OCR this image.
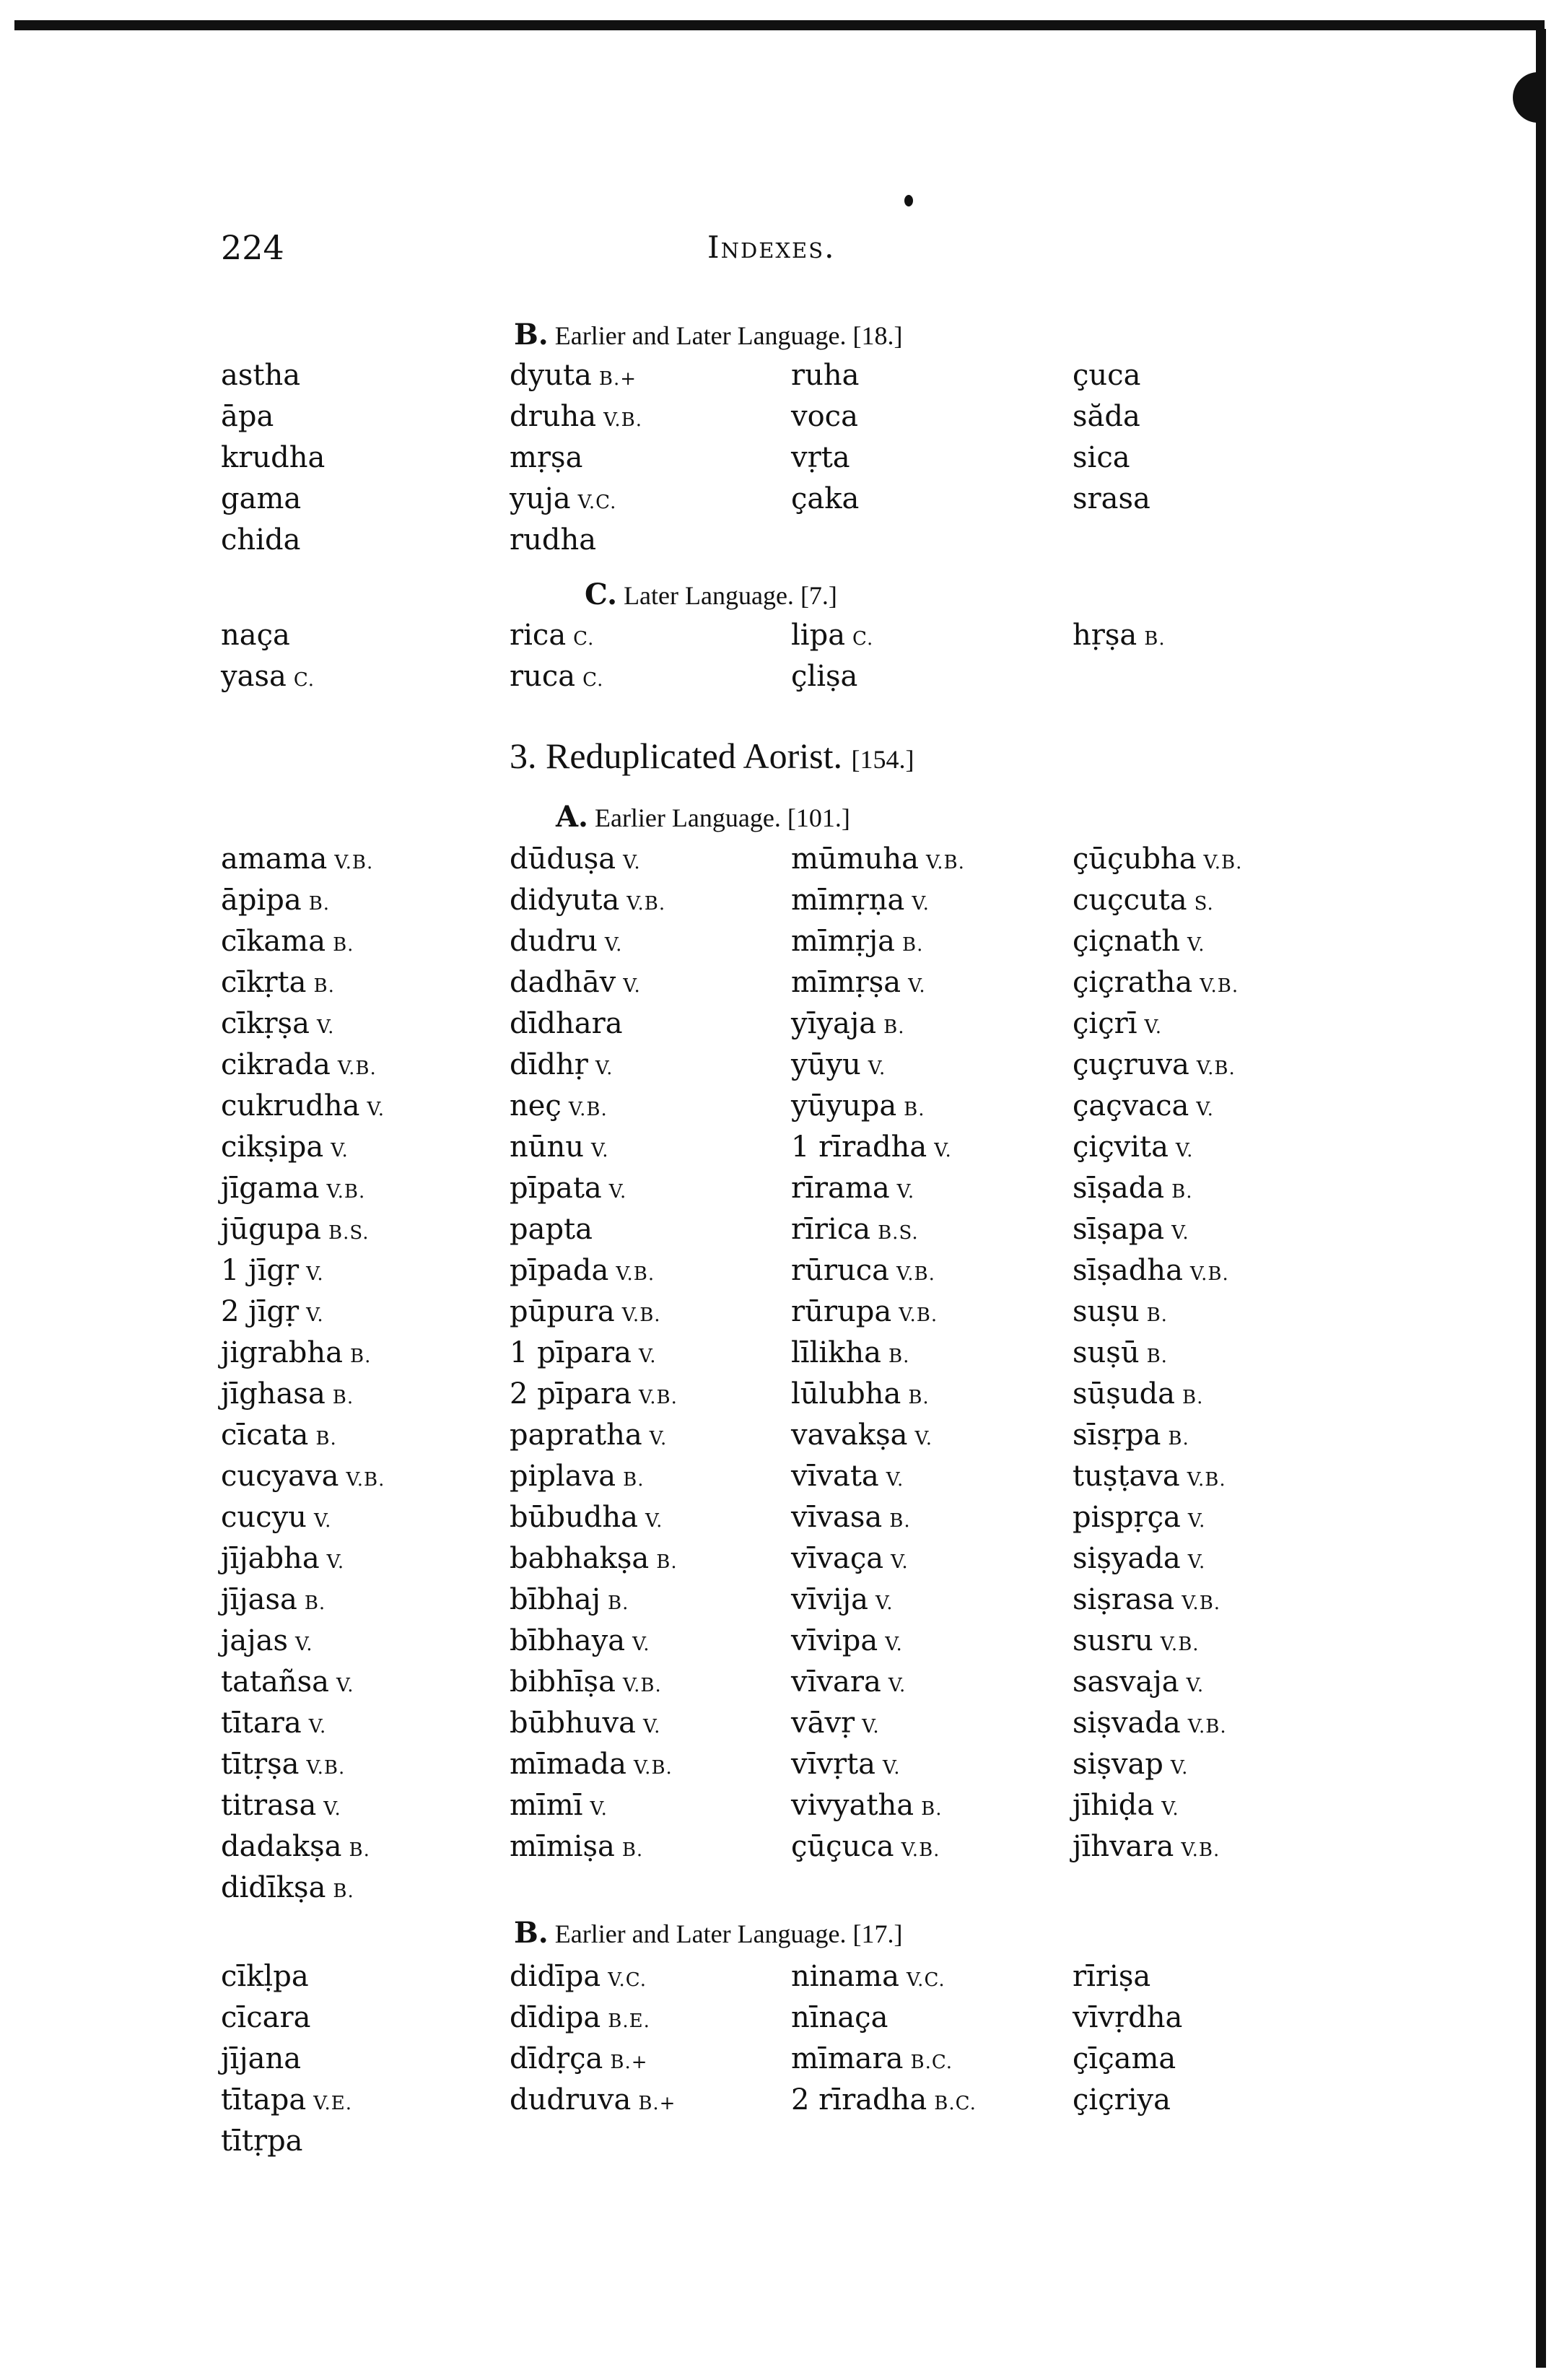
224	Indexes.
B. Earlier and Later Language. [18.]
C. Later Language. [7.]
3. Reduplicated Aorist. [154.]
A. Earlier Language. [101.]
B. Earlier and Later Language. [17.]
astha
āpa
krudha
gama
chida
dyuta B.+
druha V.B.
mṛṣa
yuja V.C.
rudha
ruha
voca
vṛta
çaka
çuca
săda
sica
srasa
naça
yasa C.
rica C.
ruca C.
lipa C.
çliṣa
hṛṣa B.
amama V.B.
āpipa B.
cīkama B.
cīkṛta B.
cīkṛṣa V.
cikrada V.B.
cukrudha V.
cikṣipa V.
jīgama V.B.
jūgupa B.S.
1 jīgṛ V.
2 jīgṛ V.
jigrabha B.
jīghasa B.
cīcata B.
cucyava V.B.
cucyu V.
jījabha V.
jījasa B.
jajas V.
tatañsa V.
tītara V.
tītṛṣa V.B.
titrasa V.
dadakṣa B.
didīkṣa B.
dūduṣa V.
didyuta V.B.
dudru V.
dadhāv V.
dīdhara
dīdhṛ V.
neç V.B.
nūnu V.
pīpata V.
papta
pīpada V.B.
pūpura V.B.
1 pīpara V.
2 pīpara V.B.
papratha V.
piplava B.
būbudha V.
babhakṣa B.
bībhaj B.
bībhaya V.
bibhīṣa V.B.
būbhuva V.
mīmada V.B.
mīmī V.
mīmiṣa B.
mūmuha V.B.
mīmṛṇa V.
mīmṛja B.
mīmṛṣa V.
yīyaja B.
yūyu V.
yūyupa B.
1 rīradha V.
rīrama V.
rīrica B.S.
rūruca V.B.
rūrupa V.B.
līlikha B.
lūlubha B.
vavakṣa V.
vīvata V.
vīvasa B.
vīvaça V.
vīvija V.
vīvipa V.
vīvara V.
vāvṛ V.
vīvṛta V.
vivyatha B.
çūçuca V.B.
çūçubha V.B.
cuçcuta S.
çiçnath V.
çiçratha V.B.
çiçrī V.
çuçruva V.B.
çaçvaca V.
çiçvita V.
sīṣada B.
sīṣapa V.
sīṣadha V.B.
suṣu B.
suṣū B.
sūṣuda B.
sīsṛpa B.
tuṣṭava V.B.
pispṛça V.
siṣyada V.
siṣrasa V.B.
susru V.B.
sasvaja V.
siṣvada V.B.
siṣvap V.
jīhiḍa V.
jīhvara V.B.
cīkḷpa
cīcara
jījana
tītapa V.E.
tītṛpa
didīpa V.C.
dīdipa B.E.
dīdṛça B.+
dudruva B.+
ninama V.C.
nīnaça
mīmara B.C.
2 rīradha B.C.
rīriṣa
vīvṛdha
çīçama
çiçriya
